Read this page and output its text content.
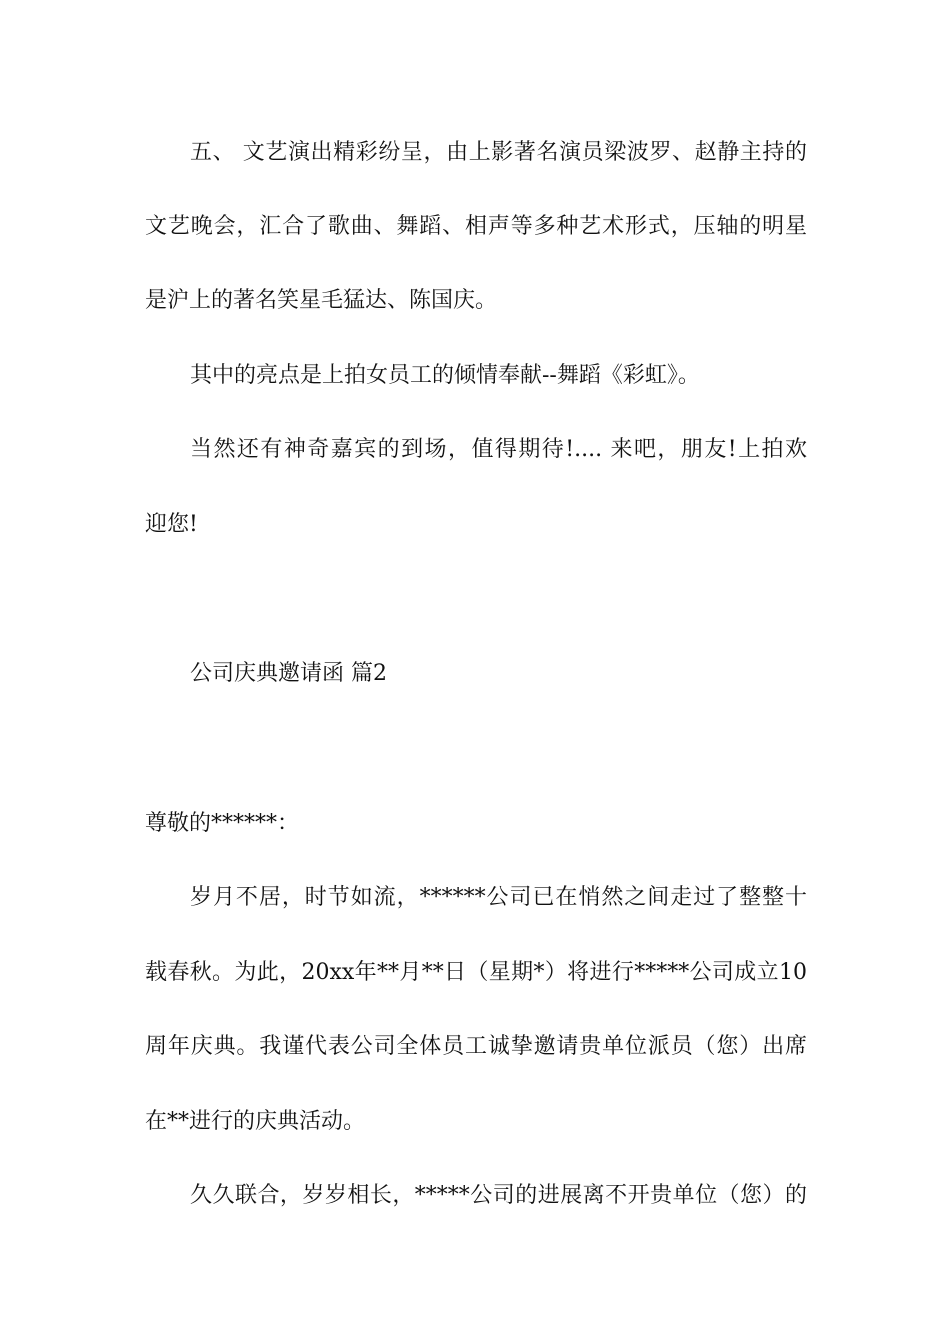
五、 文艺演出精彩纷呈，由上影著名演员梁波罗、赵静主持的
文艺晚会，汇合了歌曲、舞蹈、相声等多种艺术形式，压轴的明星
是沪上的著名笑星毛猛达、陈国庆。
其中的亮点是上拍女员工的倾情奉献--舞蹈《彩虹》。
当然还有神奇嘉宾的到场，值得期待!.... 来吧，朋友!上拍欢
迎您!
公司庆典邀请函 篇2
尊敬的******：
岁月不居，时节如流，******公司已在悄然之间走过了整整十
载春秋。为此，20xx年**月**日（星期*）将进行*****公司成立10
周年庆典。我谨代表公司全体员工诚挚邀请贵单位派员（您）出席
在**进行的庆典活动。
久久联合，岁岁相长，*****公司的进展离不开贵单位（您）的
